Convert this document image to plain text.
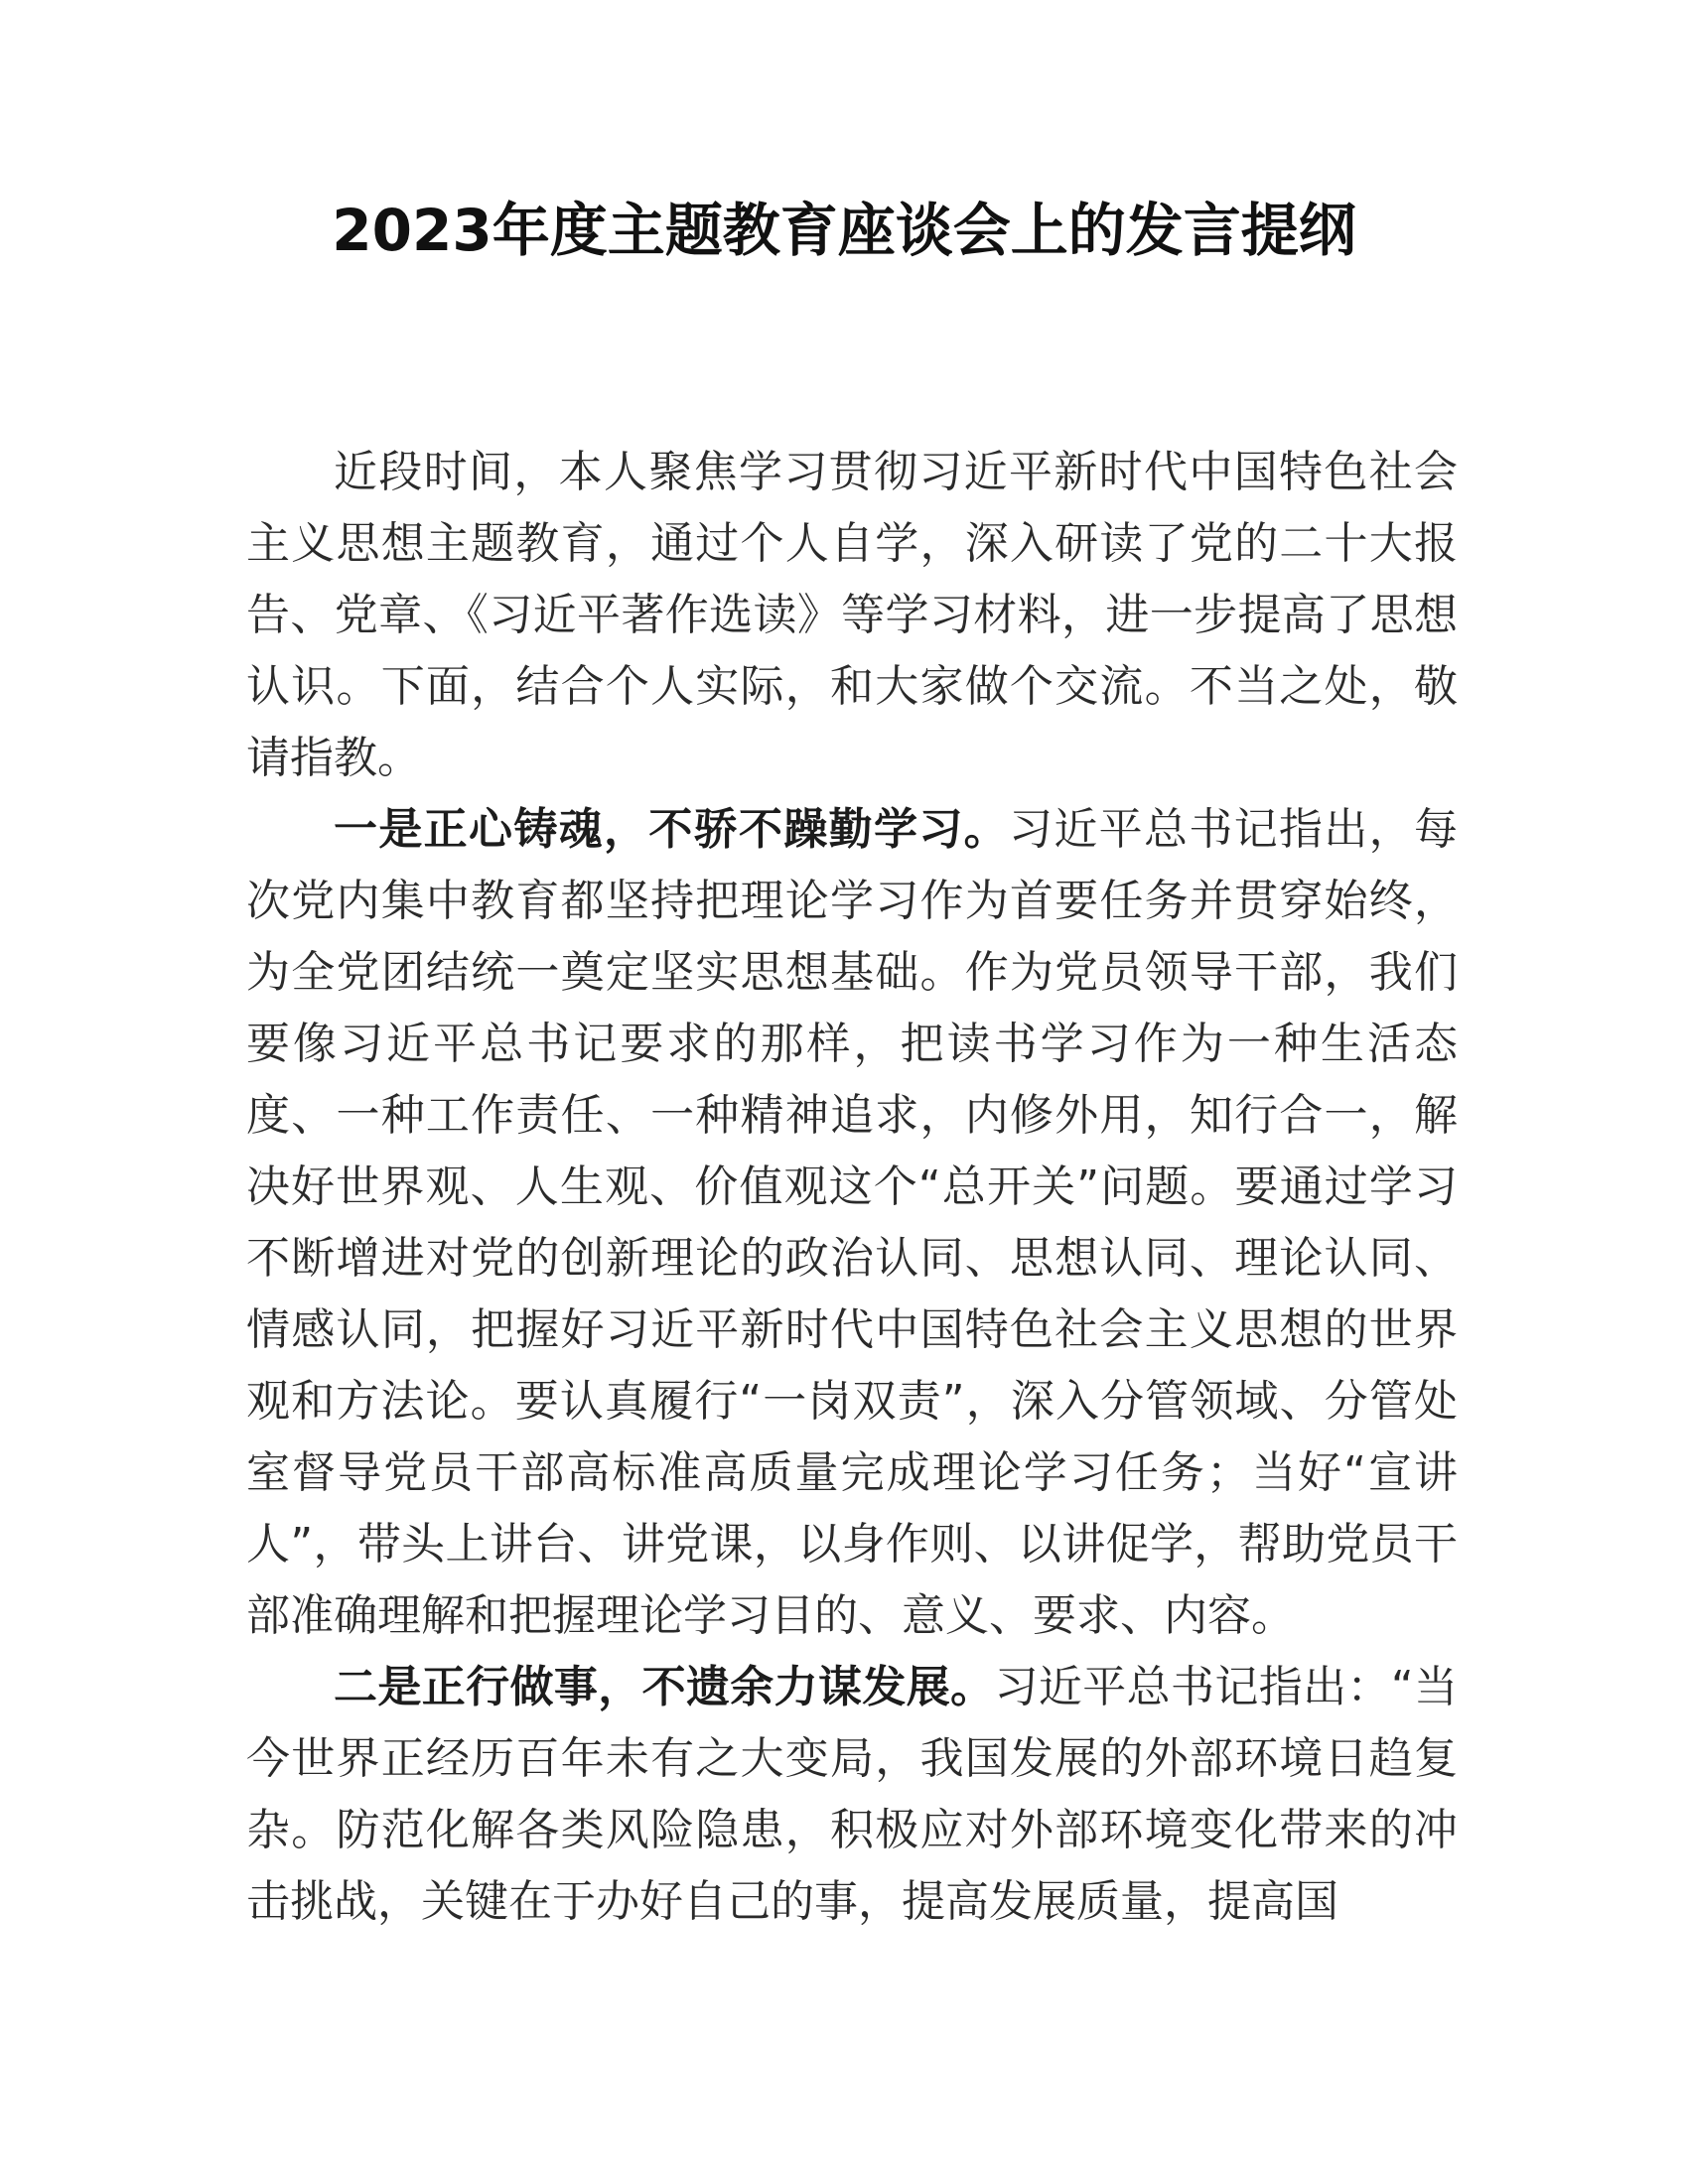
2023年度主题教育座谈会上的发言提纲

近段时间，本人聚焦学习贯彻习近平新时代中国特色社会主义思想主题教育，通过个人自学，深入研读了党的二十大报告、党章、《习近平著作选读》等学习材料，进一步提高了思想认识。下面，结合个人实际，和大家做个交流。不当之处，敬请指教。

一是正心铸魂，不骄不躁勤学习。习近平总书记指出，每次党内集中教育都坚持把理论学习作为首要任务并贯穿始终，为全党团结统一奠定坚实思想基础。作为党员领导干部，我们要像习近平总书记要求的那样，把读书学习作为一种生活态度、一种工作责任、一种精神追求，内修外用，知行合一，解决好世界观、人生观、价值观这个“总开关”问题。要通过学习不断增进对党的创新理论的政治认同、思想认同、理论认同、情感认同，把握好习近平新时代中国特色社会主义思想的世界观和方法论。要认真履行“一岗双责”，深入分管领域、分管处室督导党员干部高标准高质量完成理论学习任务；当好“宣讲人”，带头上讲台、讲党课，以身作则、以讲促学，帮助党员干部准确理解和把握理论学习目的、意义、要求、内容。

二是正行做事，不遗余力谋发展。习近平总书记指出：“当今世界正经历百年未有之大变局，我国发展的外部环境日趋复杂。防范化解各类风险隐患，积极应对外部环境变化带来的冲击挑战，关键在于办好自己的事，提高发展质量，提高国
